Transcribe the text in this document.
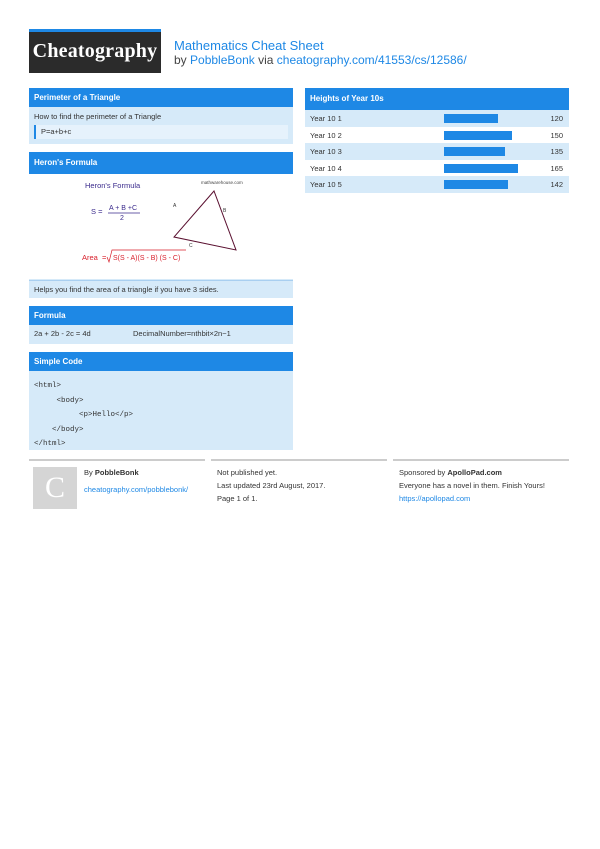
Cheatography Mathematics Cheat Sheet
by PobbleBonk via cheatography.com/41553/cs/12586/
Perimeter of a Triangle
How to find the perimeter of a Triangle
P=a+b+c
Heron's Formula
Heron's Formula	mathwarehouse.com
S = A + B +C
2
A
B
C
Area = S(S - A)(S - B) (S - C)
Helps you find the area of a triangle if you have 3 sides.
Formula
2a + 2b - 2c = 4d	DecimalNumber=nthbit×2n−1
Simple Code
<html>
<body>
<p>Hello</p>
</body>
</html>
Heights of Year 10s
Year 10 1	120
Year 10 2	150
Year 10 3	135
Year 10 4	165
Year 10 5	142
C	By PobbleBonk
cheatography.com/pobblebonk/
Not published yet.
Last updated 23rd August, 2017.
Page 1 of 1.
Sponsored by ApolloPad.com
Everyone has a novel in them. Finish Yours!
https://apollopad.com
